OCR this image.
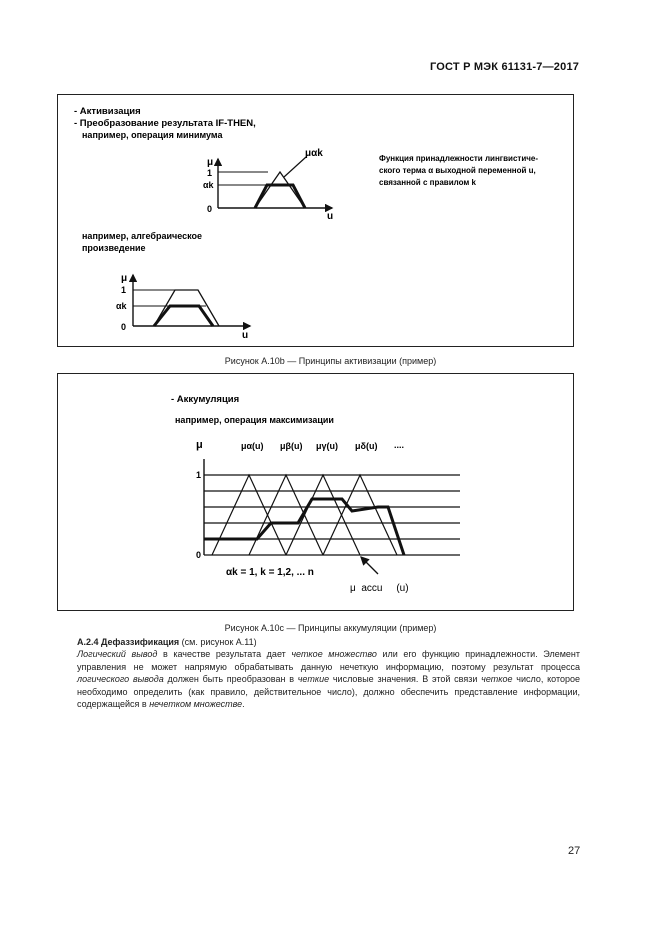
ГОСТ Р МЭК 61131-7—2017
- Активизация
- Преобразование результата IF-THEN,
например, операция минимума
μ
1
αk
0
u
μαk	Функция принадлежности лингвистиче-
ского терма α выходной переменной u,
связанной с правилом k
например, алгебраическое
произведение
μ
1
αk
0
u
Рисунок А.10b — Принципы активизации (пример)
- Аккумуляция
например, операция максимизации
μ	μα(u) μβ(u) μγ(u) μδ(u) ....
1
0
αk = 1, k = 1,2, ... n
μ  accu     (u)
Рисунок А.10с — Принципы аккумуляции (пример)

А.2.4 Дефаззификация (см. рисунок А.11)

Логический вывод в качестве результата дает четкое множество или его функцию принадлежности. Элемент управления не может напрямую обрабатывать данную нечеткую информацию, поэтому результат процесса логического вывода должен быть преобразован в четкие числовые значения. В этой связи четкое число, которое необходимо определить (как правило, действительное число), должно обеспечить представление информации, содержащейся в нечетком множестве.

27
